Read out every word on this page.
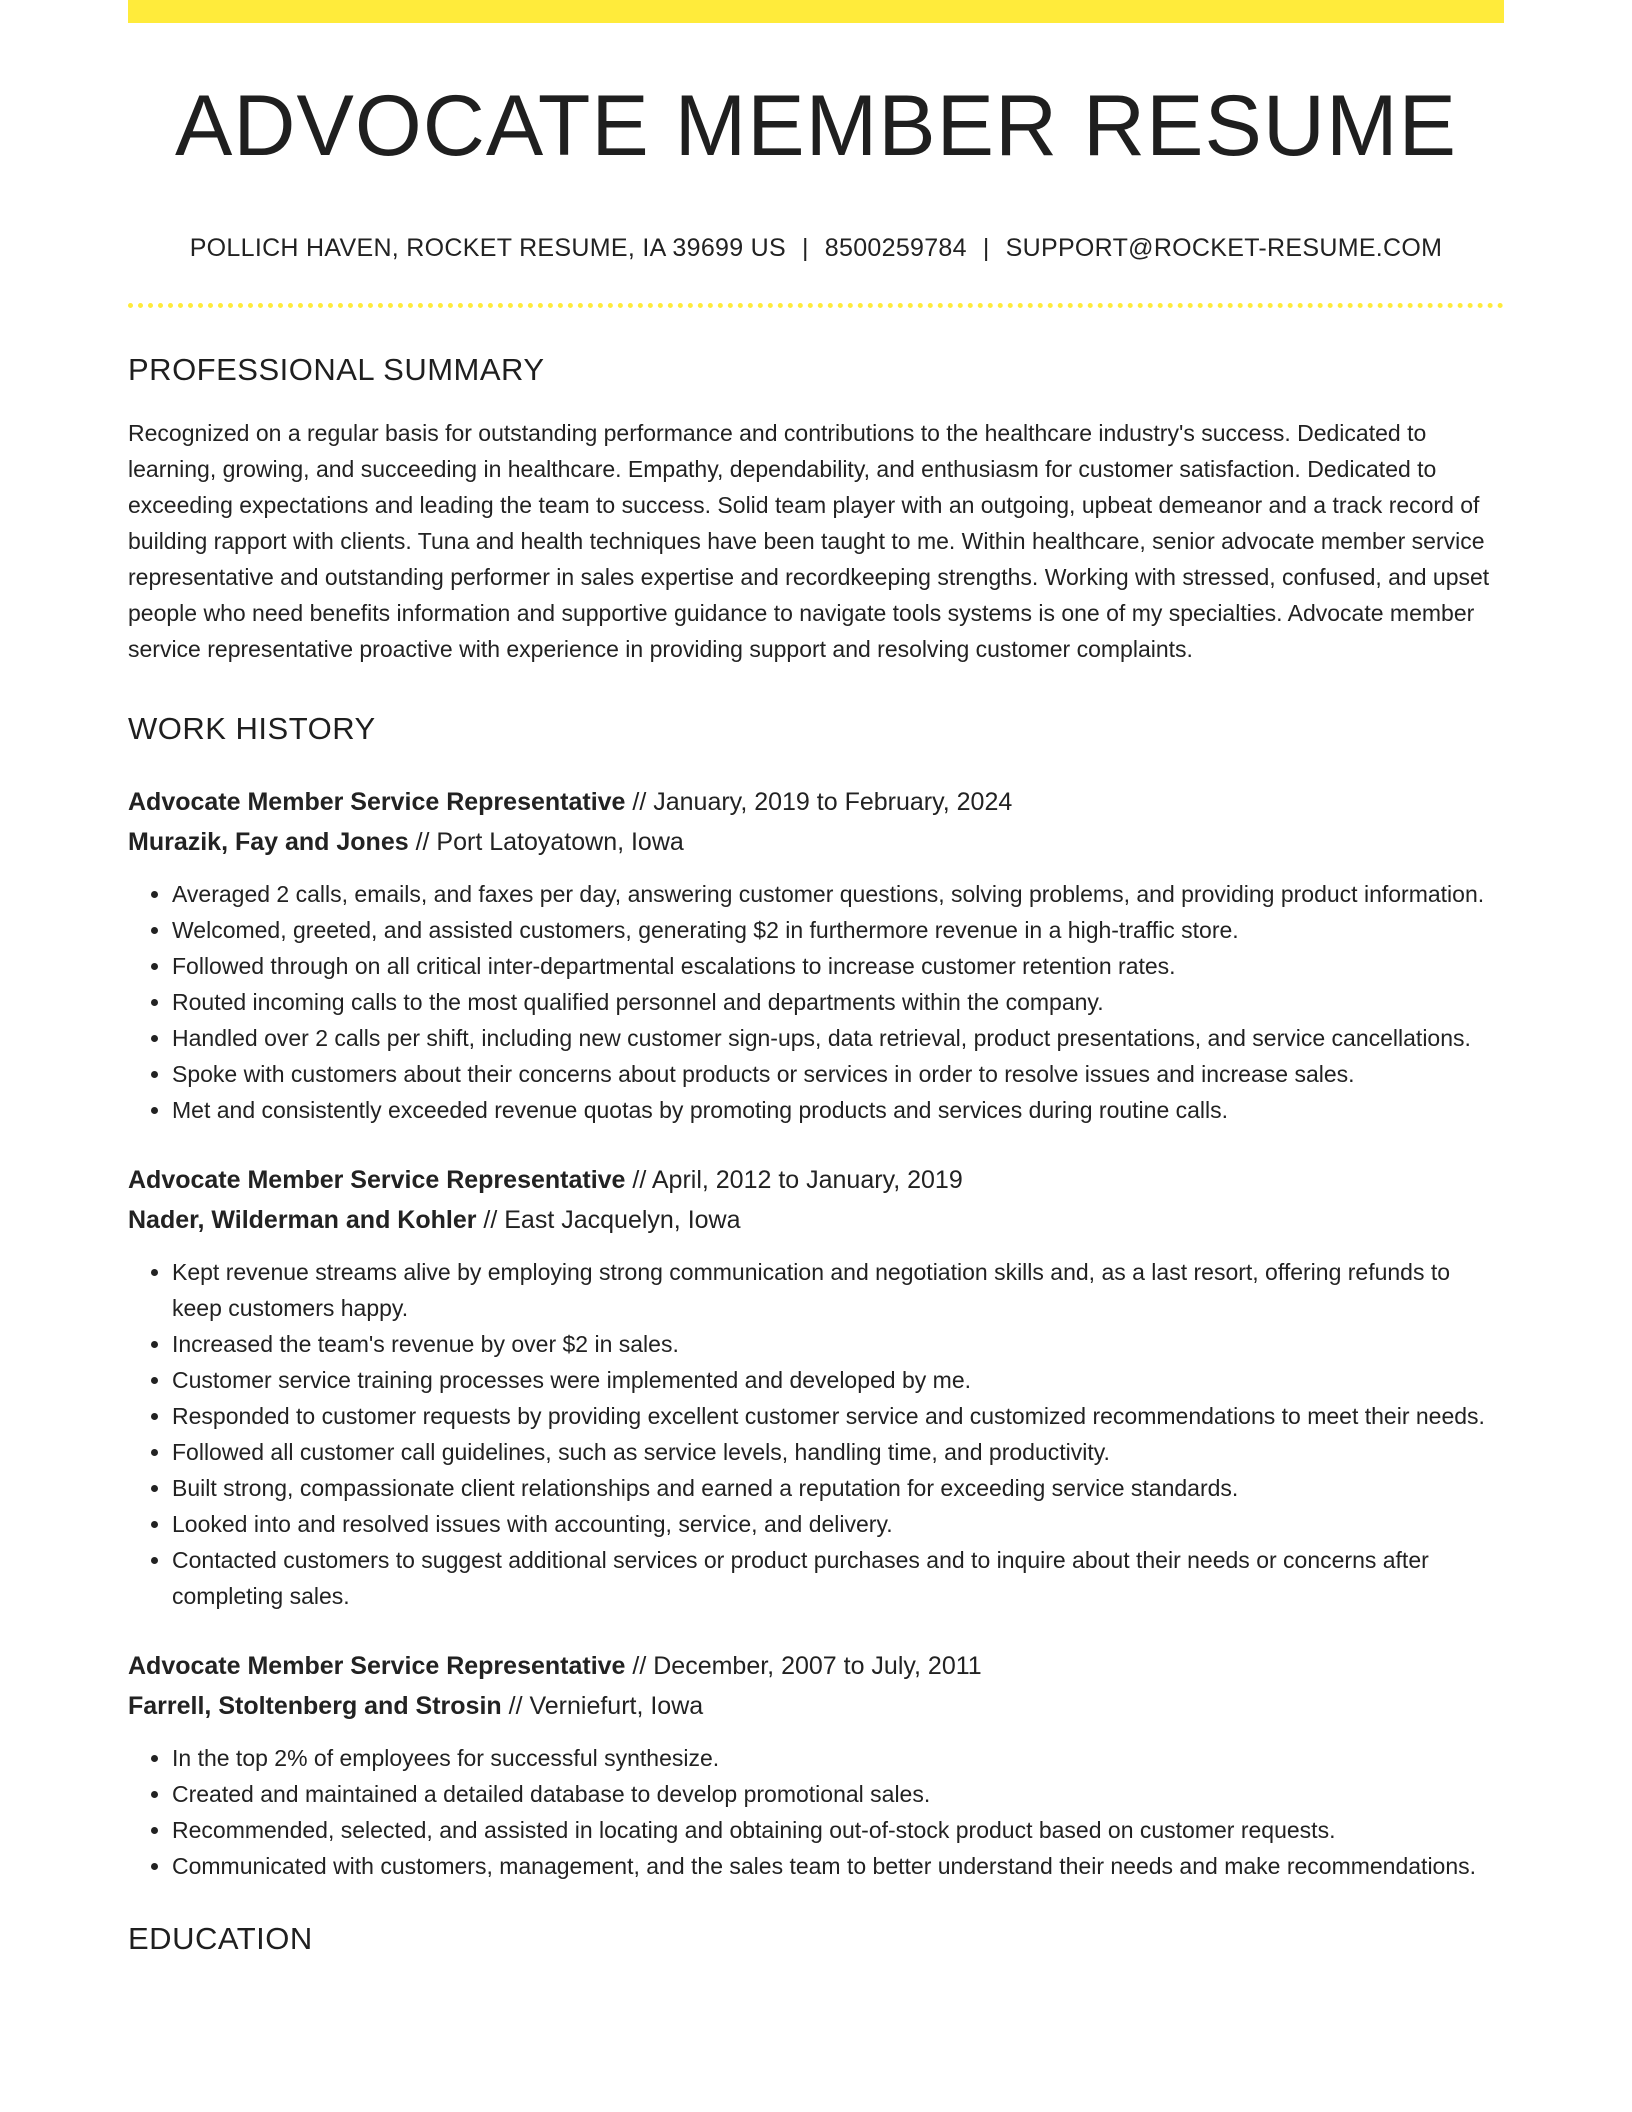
ADVOCATE MEMBER RESUME
POLLICH HAVEN, ROCKET RESUME, IA 39699 US | 8500259784 | SUPPORT@ROCKET-RESUME.COM
PROFESSIONAL SUMMARY

Recognized on a regular basis for outstanding performance and contributions to the healthcare industry's success. Dedicated to learning, growing, and succeeding in healthcare. Empathy, dependability, and enthusiasm for customer satisfaction. Dedicated to exceeding expectations and leading the team to success. Solid team player with an outgoing, upbeat demeanor and a track record of building rapport with clients. Tuna and health techniques have been taught to me. Within healthcare, senior advocate member service representative and outstanding performer in sales expertise and recordkeeping strengths. Working with stressed, confused, and upset people who need benefits information and supportive guidance to navigate tools systems is one of my specialties. Advocate member service representative proactive with experience in providing support and resolving customer complaints.

WORK HISTORY
Advocate Member Service Representative // January, 2019 to February, 2024
Murazik, Fay and Jones // Port Latoyatown, Iowa
• Averaged 2 calls, emails, and faxes per day, answering customer questions, solving problems, and providing product information.
• Welcomed, greeted, and assisted customers, generating $2 in furthermore revenue in a high-traffic store.
• Followed through on all critical inter-departmental escalations to increase customer retention rates.
• Routed incoming calls to the most qualified personnel and departments within the company.
• Handled over 2 calls per shift, including new customer sign-ups, data retrieval, product presentations, and service cancellations.
• Spoke with customers about their concerns about products or services in order to resolve issues and increase sales.
• Met and consistently exceeded revenue quotas by promoting products and services during routine calls.
Advocate Member Service Representative // April, 2012 to January, 2019
Nader, Wilderman and Kohler // East Jacquelyn, Iowa
• Kept revenue streams alive by employing strong communication and negotiation skills and, as a last resort, offering refunds to keep customers happy.
• Increased the team's revenue by over $2 in sales.
• Customer service training processes were implemented and developed by me.
• Responded to customer requests by providing excellent customer service and customized recommendations to meet their needs.
• Followed all customer call guidelines, such as service levels, handling time, and productivity.
• Built strong, compassionate client relationships and earned a reputation for exceeding service standards.
• Looked into and resolved issues with accounting, service, and delivery.
• Contacted customers to suggest additional services or product purchases and to inquire about their needs or concerns after completing sales.
Advocate Member Service Representative // December, 2007 to July, 2011
Farrell, Stoltenberg and Strosin // Verniefurt, Iowa
• In the top 2% of employees for successful synthesize.
• Created and maintained a detailed database to develop promotional sales.
• Recommended, selected, and assisted in locating and obtaining out-of-stock product based on customer requests.
• Communicated with customers, management, and the sales team to better understand their needs and make recommendations.
EDUCATION
